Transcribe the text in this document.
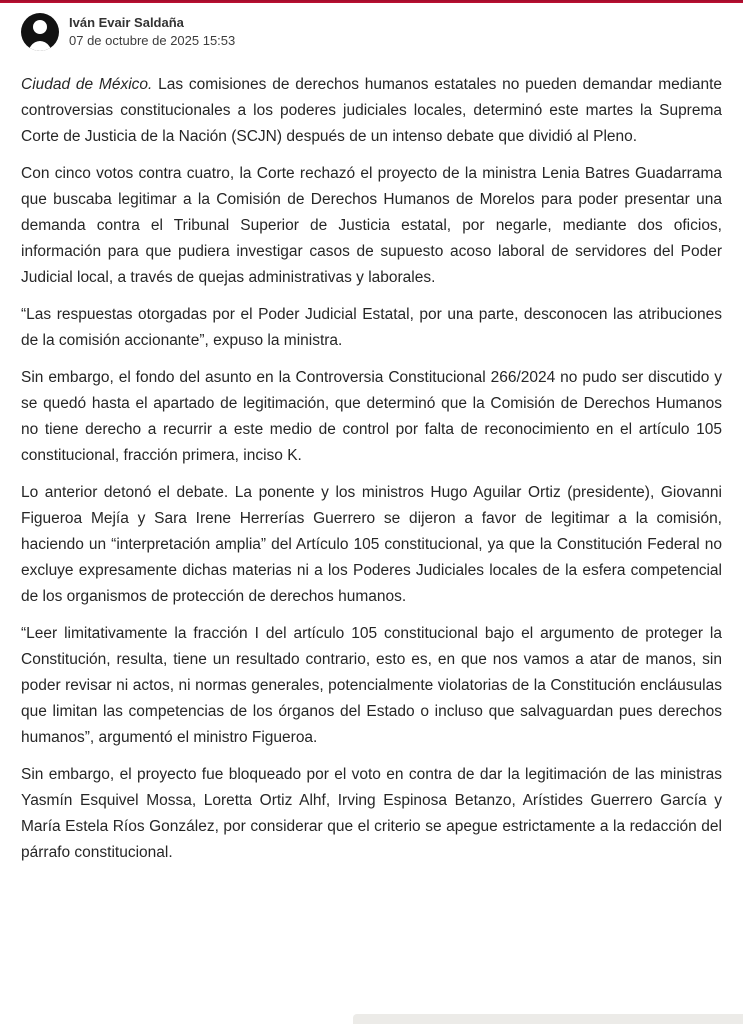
Iván Evair Saldaña
07 de octubre de 2025 15:53

Ciudad de México. Las comisiones de derechos humanos estatales no pueden demandar mediante controversias constitucionales a los poderes judiciales locales, determinó este martes la Suprema Corte de Justicia de la Nación (SCJN) después de un intenso debate que dividió al Pleno.

Con cinco votos contra cuatro, la Corte rechazó el proyecto de la ministra Lenia Batres Guadarrama que buscaba legitimar a la Comisión de Derechos Humanos de Morelos para poder presentar una demanda contra el Tribunal Superior de Justicia estatal, por negarle, mediante dos oficios, información para que pudiera investigar casos de supuesto acoso laboral de servidores del Poder Judicial local, a través de quejas administrativas y laborales.

“Las respuestas otorgadas por el Poder Judicial Estatal, por una parte, desconocen las atribuciones de la comisión accionante”, expuso la ministra.

Sin embargo, el fondo del asunto en la Controversia Constitucional 266/2024 no pudo ser discutido y se quedó hasta el apartado de legitimación, que determinó que la Comisión de Derechos Humanos no tiene derecho a recurrir a este medio de control por falta de reconocimiento en el artículo 105 constitucional, fracción primera, inciso K.

Lo anterior detonó el debate. La ponente y los ministros Hugo Aguilar Ortiz (presidente), Giovanni Figueroa Mejía y Sara Irene Herrerías Guerrero se dijeron a favor de legitimar a la comisión, haciendo un “interpretación amplia” del Artículo 105 constitucional, ya que la Constitución Federal no excluye expresamente dichas materias ni a los Poderes Judiciales locales de la esfera competencial de los organismos de protección de derechos humanos.

“Leer limitativamente la fracción I del artículo 105 constitucional bajo el argumento de proteger la Constitución, resulta, tiene un resultado contrario, esto es, en que nos vamos a atar de manos, sin poder revisar ni actos, ni normas generales, potencialmente violatorias de la Constitución encláusulas que limitan las competencias de los órganos del Estado o incluso que salvaguardan pues derechos humanos”, argumentó el ministro Figueroa.

Sin embargo, el proyecto fue bloqueado por el voto en contra de dar la legitimación de las ministras Yasmín Esquivel Mossa, Loretta Ortiz Alhf, Irving Espinosa Betanzo, Arístides Guerrero García y María Estela Ríos González, por considerar que el criterio se apegue estrictamente a la redacción del párrafo constitucional.
